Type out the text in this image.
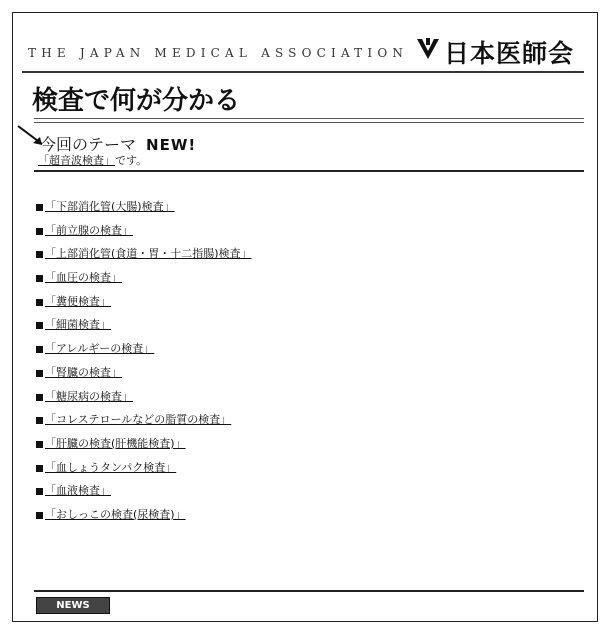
THE JAPAN MEDICAL ASSOCIATION 日本医師会
検査で何が分かる
今回のテーマ NEW!
「超音波検査」です。
「下部消化管(大腸)検査」
「前立腺の検査」
「上部消化管(食道・胃・十二指腸)検査」
「血圧の検査」
「糞便検査」
「細菌検査」
「アレルギーの検査」
「腎臓の検査」
「糖尿病の検査」
「コレステロールなどの脂質の検査」
「肝臓の検査(肝機能検査)」
「血しょうタンパク検査」
「血液検査」
「おしっこの検査(尿検査)」
NEWS
